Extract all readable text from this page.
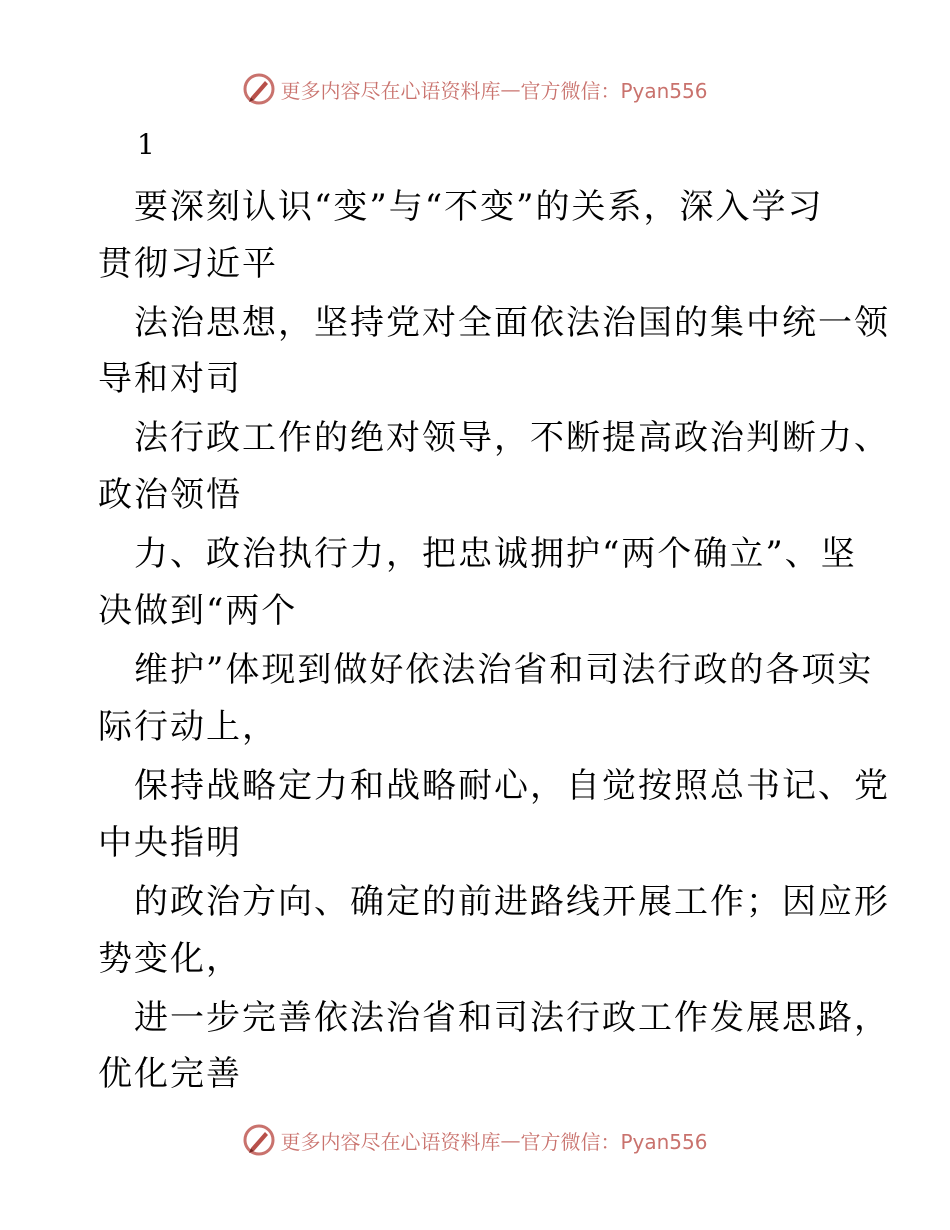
更多内容尽在心语资料库 — 官方微信：Pyan556
1
要深刻认识“变”与“不变”的关系，深入学习
贯彻习近平
法治思想，坚持党对全面依法治国的集中统一领
导和对司
法行政工作的绝对领导，不断提高政治判断力、
政治领悟
力、政治执行力，把忠诚拥护“两个确立”、坚
决做到“两个
维护”体现到做好依法治省和司法行政的各项实
际行动上，
保持战略定力和战略耐心，自觉按照总书记、党
中央指明
的政治方向、确定的前进路线开展工作；因应形
势变化，
进一步完善依法治省和司法行政工作发展思路，
优化完善
更多内容尽在心语资料库 — 官方微信：Pyan556
